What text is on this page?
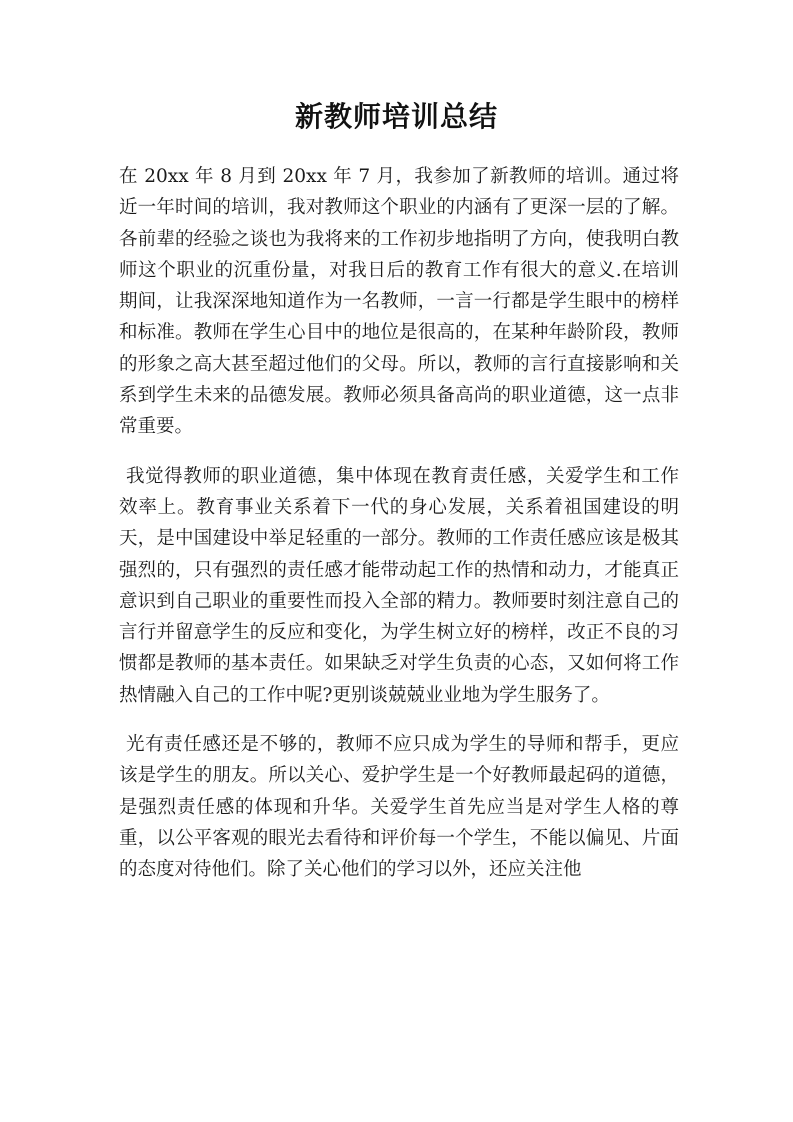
新教师培训总结

在 20xx 年 8 月到 20xx 年 7 月，我参加了新教师的培训。通过将近一年时间的培训，我对教师这个职业的内涵有了更深一层的了解。各前辈的经验之谈也为我将来的工作初步地指明了方向，使我明白教师这个职业的沉重份量，对我日后的教育工作有很大的意义.在培训期间，让我深深地知道作为一名教师，一言一行都是学生眼中的榜样和标准。教师在学生心目中的地位是很高的，在某种年龄阶段，教师的形象之高大甚至超过他们的父母。所以，教师的言行直接影响和关系到学生未来的品德发展。教师必须具备高尚的职业道德，这一点非常重要。

我觉得教师的职业道德，集中体现在教育责任感，关爱学生和工作效率上。教育事业关系着下一代的身心发展，关系着祖国建设的明天，是中国建设中举足轻重的一部分。教师的工作责任感应该是极其强烈的，只有强烈的责任感才能带动起工作的热情和动力，才能真正意识到自己职业的重要性而投入全部的精力。教师要时刻注意自己的言行并留意学生的反应和变化，为学生树立好的榜样，改正不良的习惯都是教师的基本责任。如果缺乏对学生负责的心态，又如何将工作热情融入自己的工作中呢?更别谈兢兢业业地为学生服务了。

光有责任感还是不够的，教师不应只成为学生的导师和帮手，更应该是学生的朋友。所以关心、爱护学生是一个好教师最起码的道德，是强烈责任感的体现和升华。关爱学生首先应当是对学生人格的尊重，以公平客观的眼光去看待和评价每一个学生，不能以偏见、片面的态度对待他们。除了关心他们的学习以外，还应关注他
